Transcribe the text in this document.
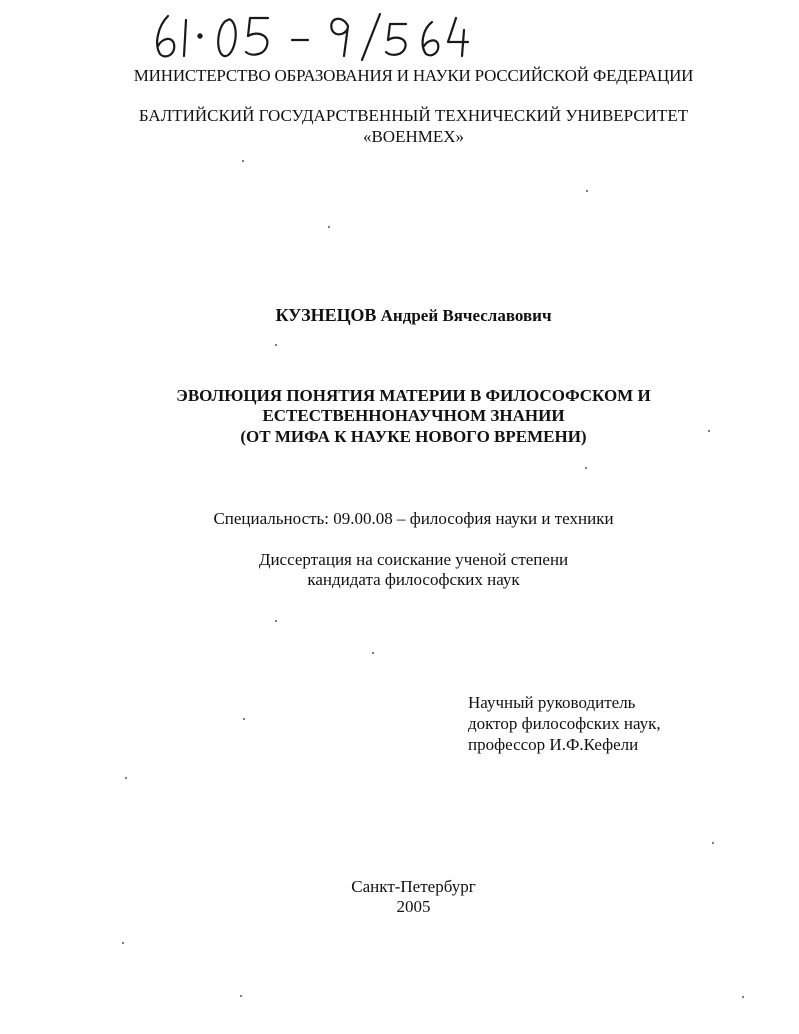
МИНИСТЕРСТВО ОБРАЗОВАНИЯ И НАУКИ РОССИЙСКОЙ ФЕДЕРАЦИИ
БАЛТИЙСКИЙ ГОСУДАРСТВЕННЫЙ ТЕХНИЧЕСКИЙ УНИВЕРСИТЕТ
«ВОЕНМЕХ»
КУЗНЕЦОВ Андрей Вячеславович
ЭВОЛЮЦИЯ ПОНЯТИЯ МАТЕРИИ В ФИЛОСОФСКОМ И
ЕСТЕСТВЕННОНАУЧНОМ ЗНАНИИ
(ОТ МИФА К НАУКЕ НОВОГО ВРЕМЕНИ)
Специальность: 09.00.08 – философия науки и техники
Диссертация на соискание ученой степени
кандидата философских наук
Научный руководитель
доктор философских наук,
профессор И.Ф.Кефели
Санкт-Петербург
2005
